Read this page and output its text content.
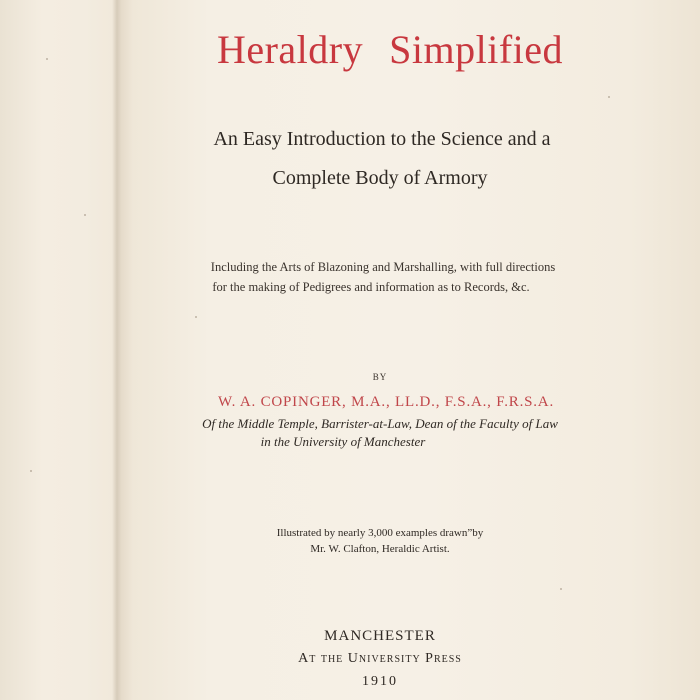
Heraldry Simplified
An Easy Introduction to the Science and a
Complete Body of Armory
Including the Arts of Blazoning and Marshalling, with full directions
for the making of Pedigrees and information as to Records, &c.
BY
W. A. COPINGER, M.A., LL.D., F.S.A., F.R.S.A.
Of the Middle Temple, Barrister-at-Law, Dean of the Faculty of Law
in the University of Manchester
Illustrated by nearly 3,000 examples drawn”by
Mr. W. Clafton, Heraldic Artist.
MANCHESTER
At the University Press
1910
